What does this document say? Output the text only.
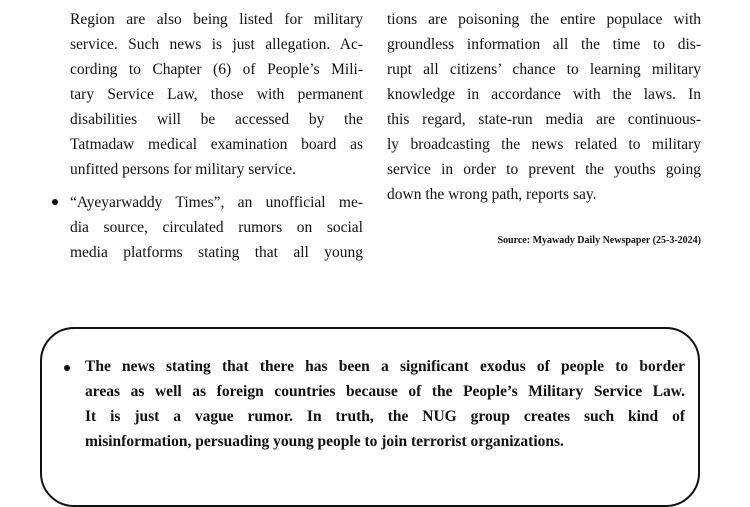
Region are also being listed for military
service. Such news is just allegation. Ac-
cording to Chapter (6) of People’s Mili-
tary Service Law, those with permanent
disabilities will be accessed by the
Tatmadaw medical examination board as
unfitted persons for military service.
“Ayeyarwaddy Times”, an unofficial me-
dia source, circulated rumors on social
media platforms stating that all young
tions are poisoning the entire populace with
groundless information all the time to dis-
rupt all citizens’ chance to learning military
knowledge in accordance with the laws. In
this regard, state-run media are continuous-
ly broadcasting the news related to military
service in order to prevent the youths going
down the wrong path, reports say.
Source: Myawady Daily Newspaper (25-3-2024)
The news stating that there has been a significant exodus of people to border
areas as well as foreign countries because of the People’s Military Service Law.
It is just a vague rumor. In truth, the NUG group creates such kind of
misinformation, persuading young people to join terrorist organizations.
